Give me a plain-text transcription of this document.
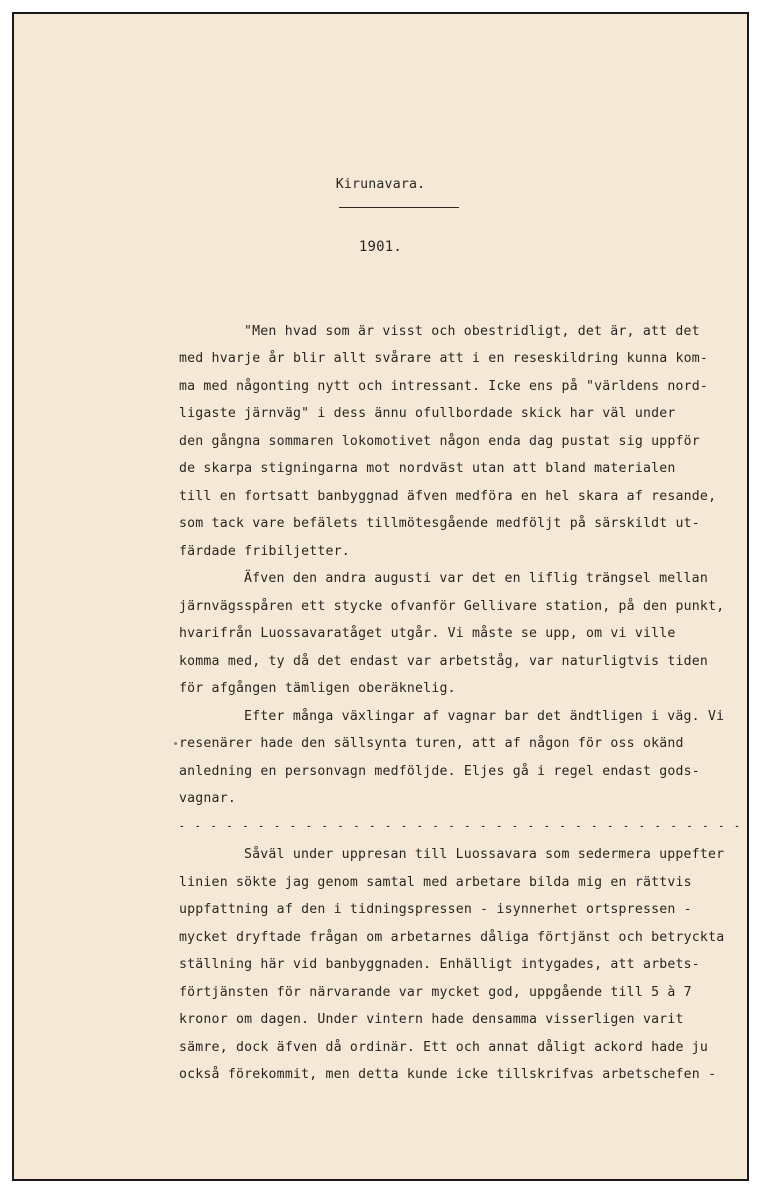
Kirunavara.
1901.
"Men hvad som är visst och obestridligt, det är, att det
med hvarje år blir allt svårare att i en reseskildring kunna kom-
ma med någonting nytt och intressant. Icke ens på "världens nord-
ligaste järnväg" i dess ännu ofullbordade skick har väl under
den gångna sommaren lokomotivet någon enda dag pustat sig uppför
de skarpa stigningarna mot nordväst utan att bland materialen
till en fortsatt banbyggnad äfven medföra en hel skara af resande,
som tack vare befälets tillmötesgående medföljt på särskildt ut-
färdade fribiljetter.
Äfven den andra augusti var det en liflig trängsel mellan
järnvägsspåren ett stycke ofvanför Gellivare station, på den punkt,
hvarifrån Luossavaratåget utgår. Vi måste se upp, om vi ville
komma med, ty då det endast var arbetståg, var naturligtvis tiden
för afgången tämligen oberäknelig.
Efter många växlingar af vagnar bar det ändtligen i väg. Vi
resenärer hade den sällsynta turen, att af någon för oss okänd
anledning en personvagn medföljde. Eljes gå i regel endast gods-
vagnar.
- - - - - - - - - - - - - - - - - - - - - - - - - - - - - - - - - - - -
Såväl under uppresan till Luossavara som sedermera uppefter
linien sökte jag genom samtal med arbetare bilda mig en rättvis
uppfattning af den i tidningspressen - isynnerhet ortspressen -
mycket dryftade frågan om arbetarnes dåliga förtjänst och betryckta
ställning här vid banbyggnaden. Enhälligt intygades, att arbets-
förtjänsten för närvarande var mycket god, uppgående till 5 à 7
kronor om dagen. Under vintern hade densamma visserligen varit
sämre, dock äfven då ordinär. Ett och annat dåligt ackord hade ju
också förekommit, men detta kunde icke tillskrifvas arbetschefen -
